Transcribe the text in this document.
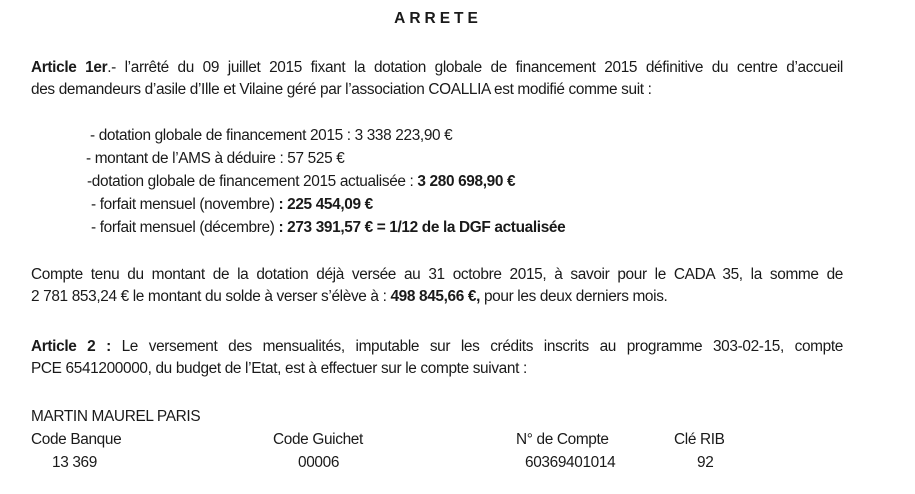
ARRETE
Article 1er.- l’arrêté du 09 juillet 2015 fixant la dotation globale de financement 2015 définitive du centre d’accueil
des demandeurs d’asile d’Ille et Vilaine géré par l’association COALLIA est modifié comme suit :
- dotation globale de financement 2015 : 3 338 223,90 €
- montant de l’AMS à déduire : 57 525 €
-dotation globale de financement 2015 actualisée : 3 280 698,90 €
- forfait mensuel (novembre) : 225 454,09 €
- forfait mensuel (décembre) : 273 391,57 € = 1/12 de la DGF actualisée
Compte tenu du montant de la dotation déjà versée au 31 octobre 2015, à savoir pour le CADA 35, la somme de
2 781 853,24 € le montant du solde à verser s’élève à : 498 845,66 €, pour les deux derniers mois.
Article 2 : Le versement des mensualités, imputable sur les crédits inscrits au programme 303-02-15, compte
PCE 6541200000, du budget de l’Etat, est à effectuer sur le compte suivant :
MARTIN MAUREL PARIS
Code Banque	Code Guichet	N° de Compte	Clé RIB
13 369	00006	60369401014	92
